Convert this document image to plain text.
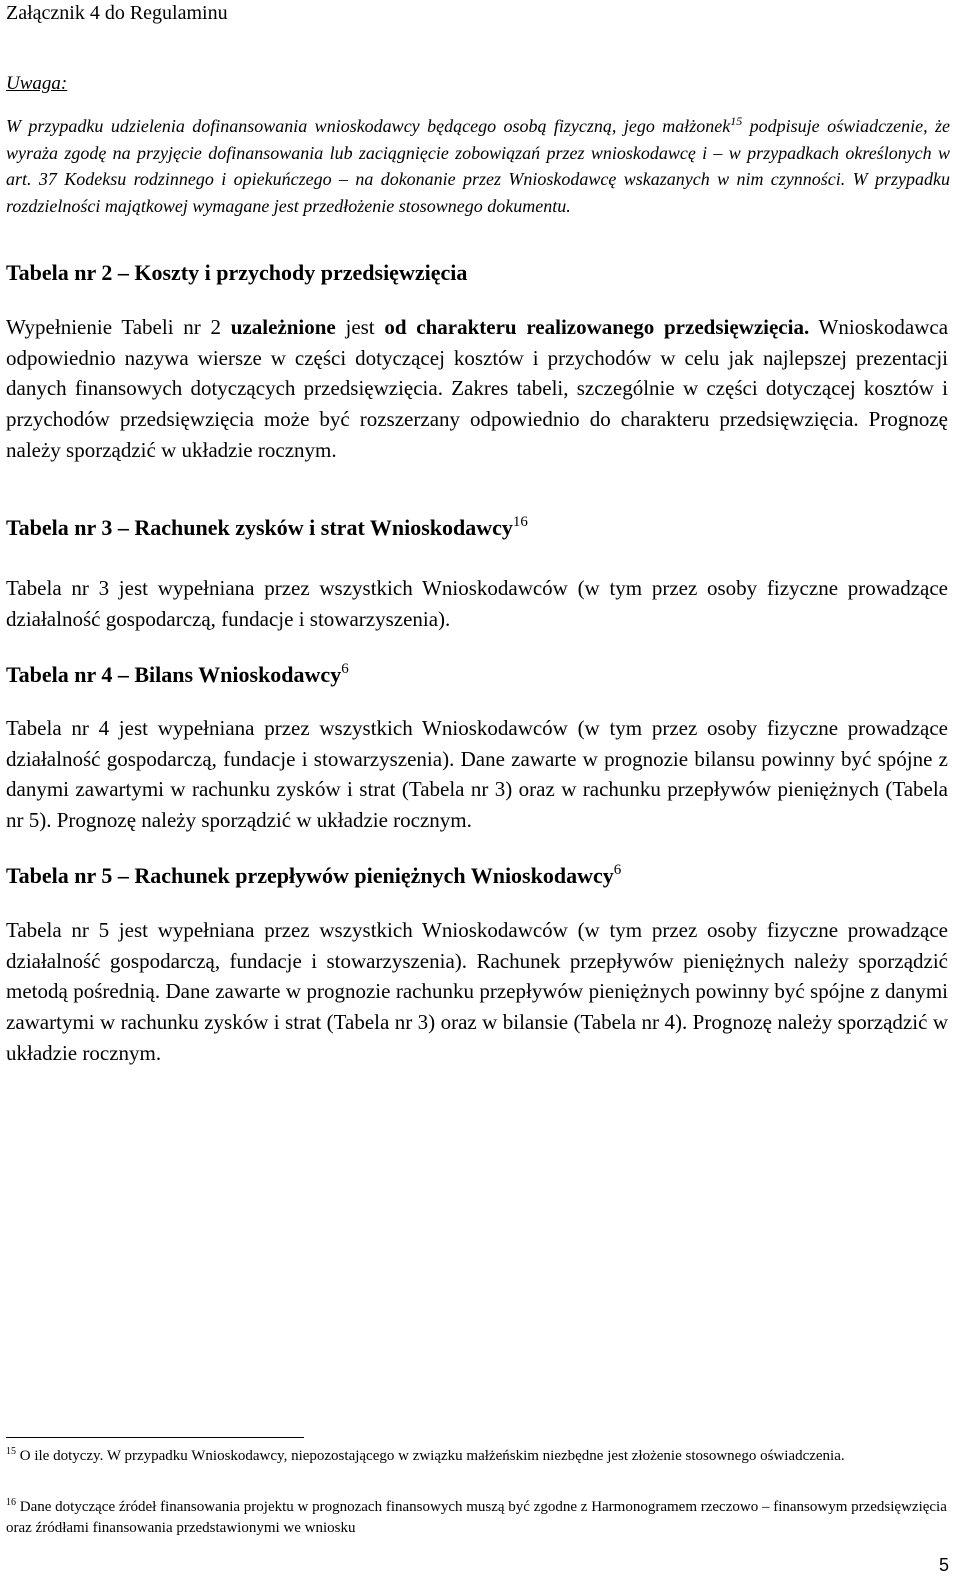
Załącznik 4 do Regulaminu
Uwaga:
W przypadku udzielenia dofinansowania wnioskodawcy będącego osobą fizyczną, jego małżonek$^{15}$ podpisuje oświadczenie, że wyraża zgodę na przyjęcie dofinansowania lub zaciągnięcie zobowiązań przez wnioskodawcę i – w przypadkach określonych w art. 37 Kodeksu rodzinnego i opiekuńczego – na dokonanie przez Wnioskodawcę wskazanych w nim czynności. W przypadku rozdzielności majątkowej wymagane jest przedłożenie stosownego dokumentu.
Tabela nr 2 – Koszty i przychody przedsięwzięcia
Wypełnienie Tabeli nr 2 uzależnione jest od charakteru realizowanego przedsięwzięcia. Wnioskodawca odpowiednio nazywa wiersze w części dotyczącej kosztów i przychodów w celu jak najlepszej prezentacji danych finansowych dotyczących przedsięwzięcia. Zakres tabeli, szczególnie w części dotyczącej kosztów i przychodów przedsięwzięcia może być rozszerzany odpowiednio do charakteru przedsięwzięcia. Prognozę należy sporządzić w układzie rocznym.
Tabela nr 3 – Rachunek zysków i strat Wnioskodawcy$^{16}$
Tabela nr 3 jest wypełniana przez wszystkich Wnioskodawców (w tym przez osoby fizyczne prowadzące działalność gospodarczą, fundacje i stowarzyszenia).
Tabela nr 4 – Bilans Wnioskodawcy$^6$
Tabela nr 4 jest wypełniana przez wszystkich Wnioskodawców (w tym przez osoby fizyczne prowadzące działalność gospodarczą, fundacje i stowarzyszenia). Dane zawarte w prognozie bilansu powinny być spójne z danymi zawartymi w rachunku zysków i strat (Tabela nr 3) oraz w rachunku przepływów pieniężnych (Tabela nr 5). Prognozę należy sporządzić w układzie rocznym.
Tabela nr 5 – Rachunek przepływów pieniężnych Wnioskodawcy$^6$
Tabela nr 5 jest wypełniana przez wszystkich Wnioskodawców (w tym przez osoby fizyczne prowadzące działalność gospodarczą, fundacje i stowarzyszenia). Rachunek przepływów pieniężnych należy sporządzić metodą pośrednią. Dane zawarte w prognozie rachunku przepływów pieniężnych powinny być spójne z danymi zawartymi w rachunku zysków i strat (Tabela nr 3) oraz w bilansie (Tabela nr 4). Prognozę należy sporządzić w układzie rocznym.
$^{15}$ O ile dotyczy. W przypadku Wnioskodawcy, niepozostającego w związku małżeńskim niezbędne jest złożenie stosownego oświadczenia.
$^{16}$ Dane dotyczące źródeł finansowania projektu w prognozach finansowych muszą być zgodne z Harmonogramem rzeczowo – finansowym przedsięwzięcia oraz źródłami finansowania przedstawionymi we wniosku
5
